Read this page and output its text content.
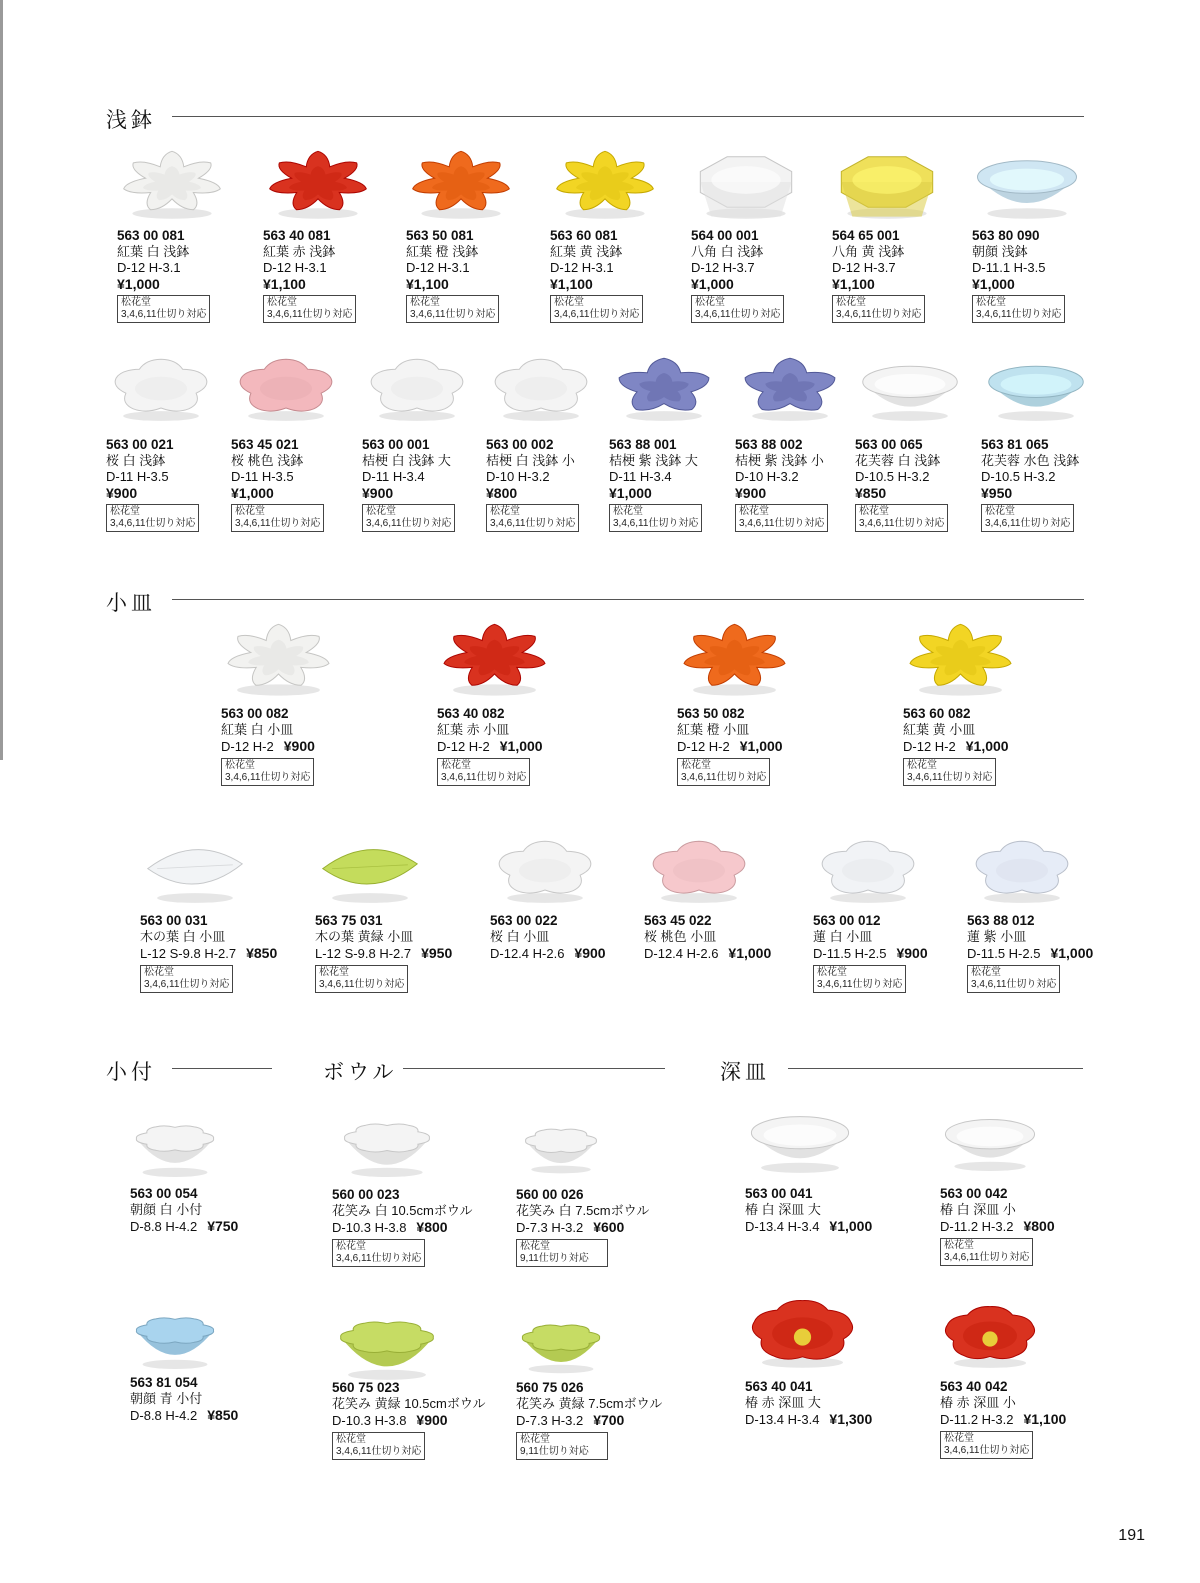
浅鉢
小皿
小付	ボウル	深皿
563 00 081
紅葉 白 浅鉢
D-12 H-3.1
¥1,000
松花堂
3,4,6,11仕切り対応
563 40 081
紅葉 赤 浅鉢
D-12 H-3.1
¥1,100
松花堂
3,4,6,11仕切り対応
563 50 081
紅葉 橙 浅鉢
D-12 H-3.1
¥1,100
松花堂
3,4,6,11仕切り対応
563 60 081
紅葉 黄 浅鉢
D-12 H-3.1
¥1,100
松花堂
3,4,6,11仕切り対応
564 00 001
八角 白 浅鉢
D-12 H-3.7
¥1,000
松花堂
3,4,6,11仕切り対応
564 65 001
八角 黄 浅鉢
D-12 H-3.7
¥1,100
松花堂
3,4,6,11仕切り対応
563 80 090
朝顔 浅鉢
D-11.1 H-3.5
¥1,000
松花堂
3,4,6,11仕切り対応
563 00 021
桜 白 浅鉢
D-11 H-3.5
¥900
松花堂
3,4,6,11仕切り対応
563 45 021
桜 桃色 浅鉢
D-11 H-3.5
¥1,000
松花堂
3,4,6,11仕切り対応
563 00 001
桔梗 白 浅鉢 大
D-11 H-3.4
¥900
松花堂
3,4,6,11仕切り対応
563 00 002
桔梗 白 浅鉢 小
D-10 H-3.2
¥800
松花堂
3,4,6,11仕切り対応
563 88 001
桔梗 紫 浅鉢 大
D-11 H-3.4
¥1,000
松花堂
3,4,6,11仕切り対応
563 88 002
桔梗 紫 浅鉢 小
D-10 H-3.2
¥900
松花堂
3,4,6,11仕切り対応
563 00 065
花芙蓉 白 浅鉢
D-10.5 H-3.2
¥850
松花堂
3,4,6,11仕切り対応
563 81 065
花芙蓉 水色 浅鉢
D-10.5 H-3.2
¥950
松花堂
3,4,6,11仕切り対応
563 00 082
紅葉 白 小皿
D-12 H-2 ¥900
松花堂
3,4,6,11仕切り対応
563 40 082
紅葉 赤 小皿
D-12 H-2 ¥1,000
松花堂
3,4,6,11仕切り対応
563 50 082
紅葉 橙 小皿
D-12 H-2 ¥1,000
松花堂
3,4,6,11仕切り対応
563 60 082
紅葉 黄 小皿
D-12 H-2 ¥1,000
松花堂
3,4,6,11仕切り対応
563 00 031
木の葉 白 小皿
L-12 S-9.8 H-2.7 ¥850
松花堂
3,4,6,11仕切り対応
563 75 031
木の葉 黄緑 小皿
L-12 S-9.8 H-2.7 ¥950
松花堂
3,4,6,11仕切り対応
563 00 022
桜 白 小皿
D-12.4 H-2.6 ¥900
563 45 022
桜 桃色 小皿
D-12.4 H-2.6 ¥1,000
563 00 012
蓮 白 小皿
D-11.5 H-2.5 ¥900
松花堂
3,4,6,11仕切り対応
563 88 012
蓮 紫 小皿
D-11.5 H-2.5 ¥1,000
松花堂
3,4,6,11仕切り対応
563 00 054
朝顔 白 小付
D-8.8 H-4.2 ¥750
560 00 023
花笑み 白 10.5cmボウル
D-10.3 H-3.8 ¥800
松花堂
3,4,6,11仕切り対応
560 00 026
花笑み 白 7.5cmボウル
D-7.3 H-3.2 ¥600
松花堂
9,11仕切り対応
563 00 041
椿 白 深皿 大
D-13.4 H-3.4 ¥1,000
563 00 042
椿 白 深皿 小
D-11.2 H-3.2 ¥800
松花堂
3,4,6,11仕切り対応
563 81 054
朝顔 青 小付
D-8.8 H-4.2 ¥850
560 75 023
花笑み 黄緑 10.5cmボウル
D-10.3 H-3.8 ¥900
松花堂
3,4,6,11仕切り対応
560 75 026
花笑み 黄緑 7.5cmボウル
D-7.3 H-3.2 ¥700
松花堂
9,11仕切り対応
563 40 041
椿 赤 深皿 大
D-13.4 H-3.4 ¥1,300
563 40 042
椿 赤 深皿 小
D-11.2 H-3.2 ¥1,100
松花堂
3,4,6,11仕切り対応
191
